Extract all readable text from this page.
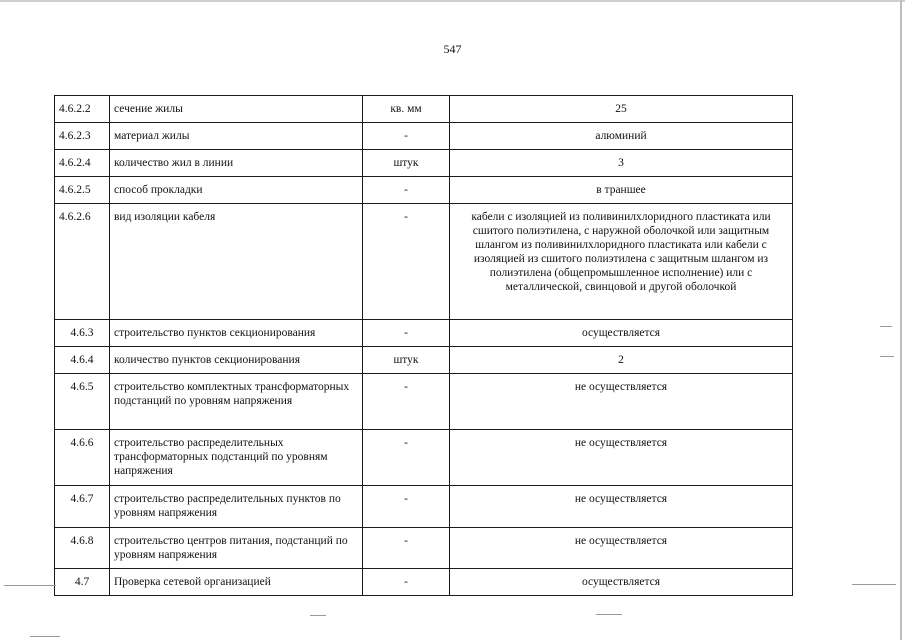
547
4.6.2.2	сечение жилы	кв. мм	25
4.6.2.3	материал жилы	-	алюминий
4.6.2.4	количество жил в линии	штук	3
4.6.2.5	способ прокладки	-	в траншее
4.6.2.6	вид изоляции кабеля	-	кабели с изоляцией из поливинилхлоридного пластиката или сшитого полиэтилена, с наружной оболочкой или защитным шлангом из поливинилхлоридного пластиката или кабели с изоляцией из сшитого полиэтилена с защитным шлангом из полиэтилена (общепромышленное исполнение) или с металлической, свинцовой и другой оболочкой
4.6.3	строительство пунктов секционирования	-	осуществляется
4.6.4	количество пунктов секционирования	штук	2
4.6.5	строительство комплектных трансформаторных подстанций по уровням напряжения	-	не осуществляется
4.6.6	строительство распределительных трансформаторных подстанций по уровням напряжения	-	не осуществляется
4.6.7	строительство распределительных пунктов по уровням напряжения	-	не осуществляется
4.6.8	строительство центров питания, подстанций по уровням напряжения	-	не осуществляется
4.7	Проверка сетевой организацией	-	осуществляется
